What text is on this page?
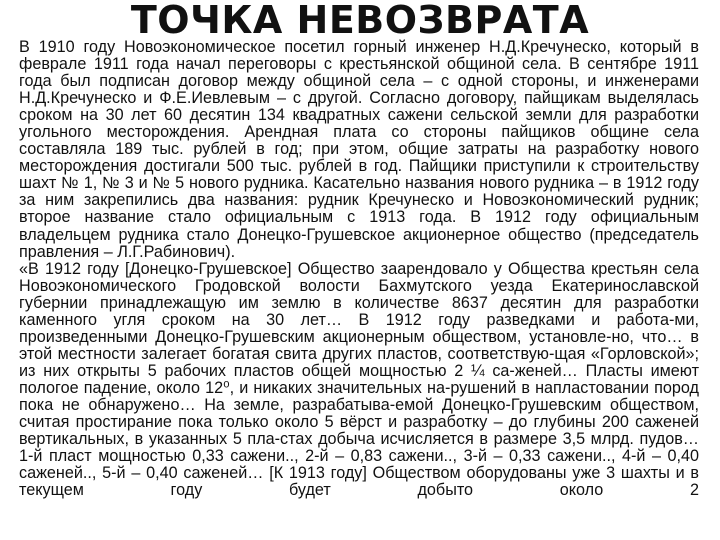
ТОЧКА НЕВОЗВРАТА

В 1910 году Новоэкономическое посетил горный инженер Н.Д.Кречунеско, который в феврале 1911 года начал переговоры с крестьянской общиной села. В сентябре 1911 года был подписан договор между общиной села – с одной стороны, и инженерами Н.Д.Кречунеско и Ф.Е.Иевлевым – с другой. Согласно договору, пайщикам выделялась сроком на 30 лет 60 десятин 134 квадратных сажени сельской земли для разработки угольного месторождения. Арендная плата со стороны пайщиков общине села составляла 189 тыс. рублей в год; при этом, общие затраты на разработку нового месторождения достигали 500 тыс. рублей в год. Пайщики приступили к строительству шахт № 1, № 3 и № 5 нового рудника. Касательно названия нового рудника – в 1912 году за ним закрепились два названия: рудник Кречунеско и Новоэкономический рудник; второе название стало официальным с 1913 года. В 1912 году официальным владельцем рудника стало Донецко-Грушевское акционерное общество (председатель правления – Л.Г.Рабинович).

«В 1912 году [Донецко-Грушевское] Общество заарендовало у Общества крестьян села Новоэкономического Гродовской волости Бахмутского уезда Екатеринославской губернии принадлежащую им землю в количестве 8637 десятин для разработки каменного угля сроком на 30 лет… В 1912 году разведками и работа-ми, произведенными Донецко-Грушевским акционерным обществом, установле-но, что… в этой местности залегает богатая свита других пластов, соответствую-щая «Горловской»; из них открыты 5 рабочих пластов общей мощностью 2 ¼ са-женей… Пласты имеют пологое падение, около 12⁰, и никаких значительных на-рушений в напластовании пород пока не обнаружено… На земле, разрабатыва-емой Донецко-Грушевским обществом, считая простирание пока только около 5 вёрст и разработку – до глубины 200 саженей вертикальных, в указанных 5 пла-стах добыча исчисляется в размере 3,5 млрд. пудов… 1-й пласт мощностью 0,33 сажени.., 2-й – 0,83 сажени.., 3-й – 0,33 сажени.., 4-й – 0,40 саженей.., 5-й – 0,40 саженей… [К 1913 году] Обществом оборудованы уже 3 шахты и в текущем году будет добыто около 2
